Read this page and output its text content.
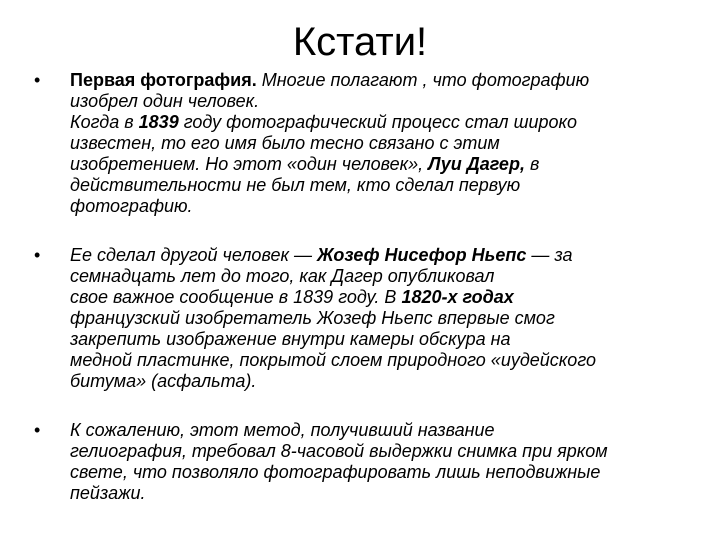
Кстати!
• Первая фотография. Многие полагают , что фотографию
изобрел один человек.
Когда в 1839 году фотографический процесс стал широко
известен, то его имя было тесно связано с этим
изобретением. Но этот «один человек», Луи Дагер, в
действительности не был тем, кто сделал первую
фотографию.
• Ее сделал другой человек — Жозеф Нисефор Ньепс — за
семнадцать лет до того, как Дагер опубликовал
свое важное сообщение в 1839 году. В 1820-х годах
французский изобретатель Жозеф Ньепс впервые смог
закрепить изображение внутри камеры обскура на
медной пластинке, покрытой слоем природного «иудейского
битума» (асфальта).
• К сожалению, этот метод, получивший название
гелиография, требовал 8-часовой выдержки снимка при ярком
свете, что позволяло фотографировать лишь неподвижные
пейзажи.
